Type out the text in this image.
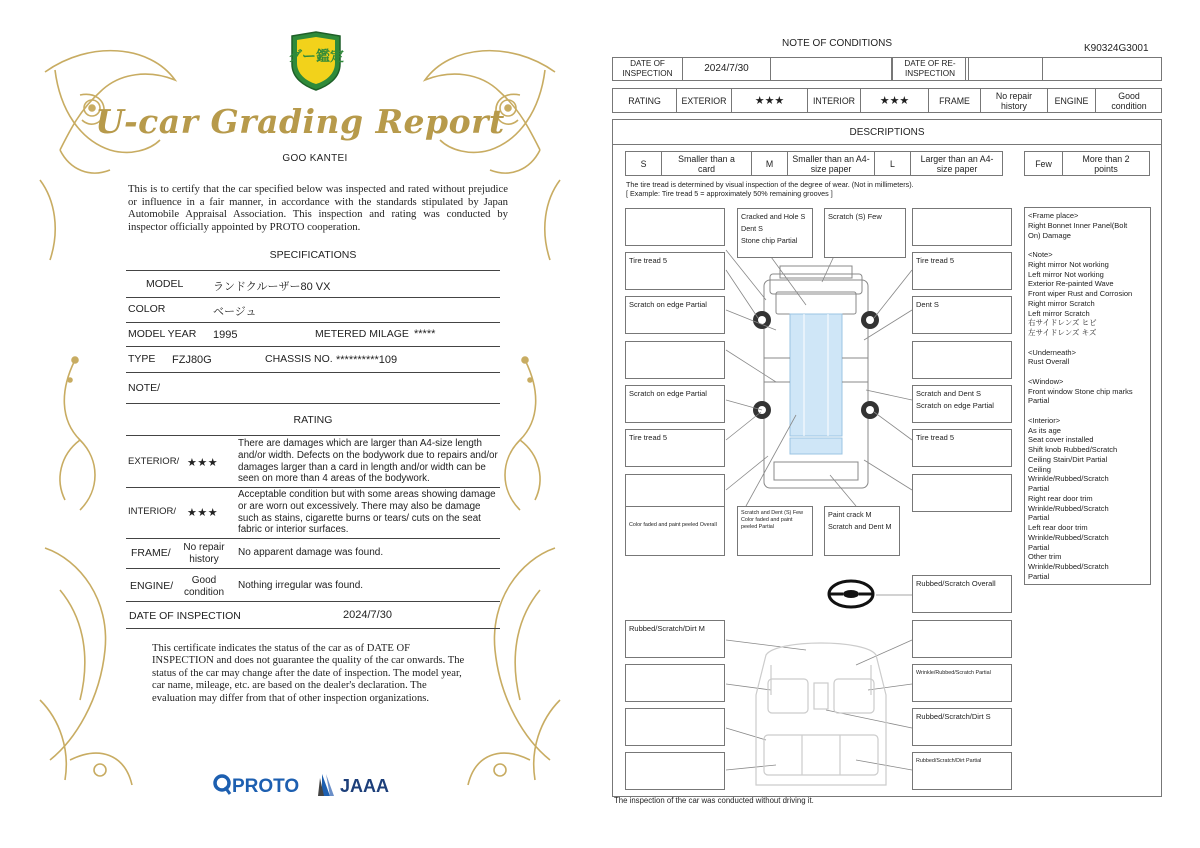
グー鑑定
U-car Grading Report
GOO KANTEI
This is to certify that the car specified below was inspected and rated without prejudice or influence in a fair manner, in accordance with the standards stipulated by Japan Automobile Appraisal Association. This inspection and rating was conducted by inspector officially appointed by PROTO cooperation.
SPECIFICATIONS
MODEL	ランドクルーザー80 VX
COLOR	ベージュ
MODEL YEAR 1995	METERED MILAGE *****
TYPE FZJ80G	CHASSIS NO. **********109
NOTE/
RATING
EXTERIOR/ ★★★
There are damages which are larger than A4-size length and/or width. Defects on the bodywork due to repairs and/or damages larger than a card in length and/or width can be seen on more than 4 areas of the bodywork.
INTERIOR/ ★★★
Acceptable condition but with some areas showing damage or are worn out excessively. There may also be damage such as stains, cigarette burns or tears/ cuts on the seat fabric or interior surfaces.
FRAME/	No repair history
No apparent damage was found.
ENGINE/	Good condition
Nothing irregular was found.
DATE OF INSPECTION	2024/7/30
This certificate indicates the status of the car as of DATE OF INSPECTION and does not guarantee the quality of the car onwards. The status of the car may change after the date of inspection. The model year, car name, mileage, etc. are based on the dealer's declaration. The evaluation may differ from that of other inspection organizations.
PROTO JAAA
NOTE OF CONDITIONS	K90324G3001
DATE OF INSPECTION	2024/7/30	DATE OF RE-INSPECTION
RATING	EXTERIOR	★★★	INTERIOR	★★★	FRAME	No repair history	ENGINE	Good condition
DESCRIPTIONS
S	Smaller than a card	M	Smaller than an A4-size paper	L	Larger than an A4-size paper	Few	More than 2 points
The tire tread is determined by visual inspection of the degree of wear. (Not in millimeters).
[ Example: Tire tread 5 = approximately 50% remaining grooves ]
Cracked and Hole S
Dent S
Stone chip Partial
Scratch (S) Few
Tire tread 5	Tire tread 5
Scratch on edge Partial	Dent S
Scratch on edge Partial	Scratch and Dent S
Scratch on edge Partial
Tire tread 5	Tire tread 5
Color faded and paint peeled Overall
Scratch and Dent (S) Few
Color faded and paint peeled Partial
Paint crack M
Scratch and Dent M
<Frame place>
Right Bonnet Inner Panel(Bolt
On) Damage
<Note>
Right mirror Not working
Left mirror Not working
Exterior Re-painted Wave
Front wiper Rust and Corrosion
Right mirror Scratch
Left mirror Scratch
右サイドレンズ ヒビ
左サイドレンズ キズ
<Underneath>
Rust Overall
<Window>
Front window Stone chip marks
Partial
<Interior>
As its age
Seat cover installed
Shift knob Rubbed/Scratch
Ceiling Stain/Dirt Partial
Ceiling
Wrinkle/Rubbed/Scratch
Partial
Right rear door trim
Wrinkle/Rubbed/Scratch
Partial
Left rear door trim
Wrinkle/Rubbed/Scratch
Partial
Other trim
Wrinkle/Rubbed/Scratch
Partial
Rubbed/Scratch Overall
Rubbed/Scratch/Dirt M
Wrinkle/Rubbed/Scratch Partial
Rubbed/Scratch/Dirt S
Rubbed/Scratch/Dirt Partial
The inspection of the car was conducted without driving it.
